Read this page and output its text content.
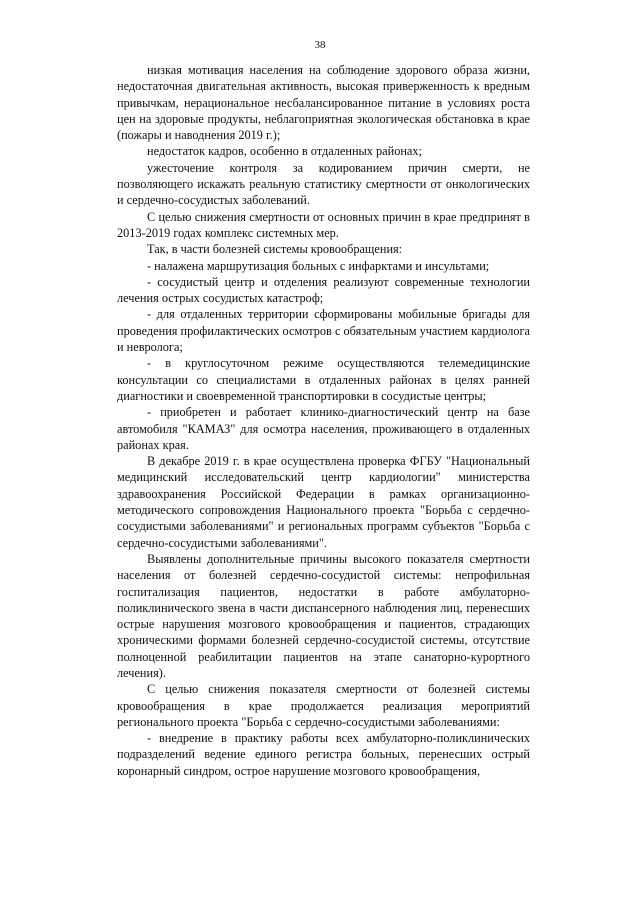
38

низкая мотивация населения на соблюдение здорового образа жизни, недостаточная двигательная активность, высокая приверженность к вредным привычкам, нерациональное несбалансированное питание в условиях роста цен на здоровые продукты, неблагоприятная экологическая обстановка в крае (пожары и наводнения 2019 г.);

недостаток кадров, особенно в отдаленных районах;

ужесточение контроля за кодированием причин смерти, не позволяющего искажать реальную статистику смертности от онкологических и сердечно-сосудистых заболеваний.

С целью снижения смертности от основных причин в крае предпринят в 2013-2019 годах комплекс системных мер.

Так, в части болезней системы кровообращения:

- налажена маршрутизация больных с инфарктами и инсультами;

- сосудистый центр и отделения реализуют современные технологии лечения острых сосудистых катастроф;

- для отдаленных территории сформированы мобильные бригады для проведения профилактических осмотров с обязательным участием кардиолога и невролога;

- в круглосуточном режиме осуществляются телемедицинские консультации со специалистами в отдаленных районах в целях ранней диагностики и своевременной транспортировки в сосудистые центры;

- приобретен и работает клинико-диагностический центр на базе автомобиля "КАМАЗ" для осмотра населения, проживающего в отдаленных районах края.

В декабре 2019 г. в крае осуществлена проверка ФГБУ "Национальный медицинский исследовательский центр кардиологии" министерства здравоохранения Российской Федерации в рамках организационно-методического сопровождения Национального проекта "Борьба с сердечно-сосудистыми заболеваниями" и региональных программ субъектов "Борьба с сердечно-сосудистыми заболеваниями".

Выявлены дополнительные причины высокого показателя смертности населения от болезней сердечно-сосудистой системы: непрофильная госпитализация пациентов, недостатки в работе амбулаторно-поликлинического звена в части диспансерного наблюдения лиц, перенесших острые нарушения мозгового кровообращения и пациентов, страдающих хроническими формами болезней сердечно-сосудистой системы, отсутствие полноценной реабилитации пациентов на этапе санаторно-курортного лечения).

С целью снижения показателя смертности от болезней системы кровообращения в крае продолжается реализация мероприятий регионального проекта "Борьба с сердечно-сосудистыми заболеваниями:

- внедрение в практику работы всех амбулаторно-поликлинических подразделений ведение единого регистра больных, перенесших острый коронарный синдром, острое нарушение мозгового кровообращения,
